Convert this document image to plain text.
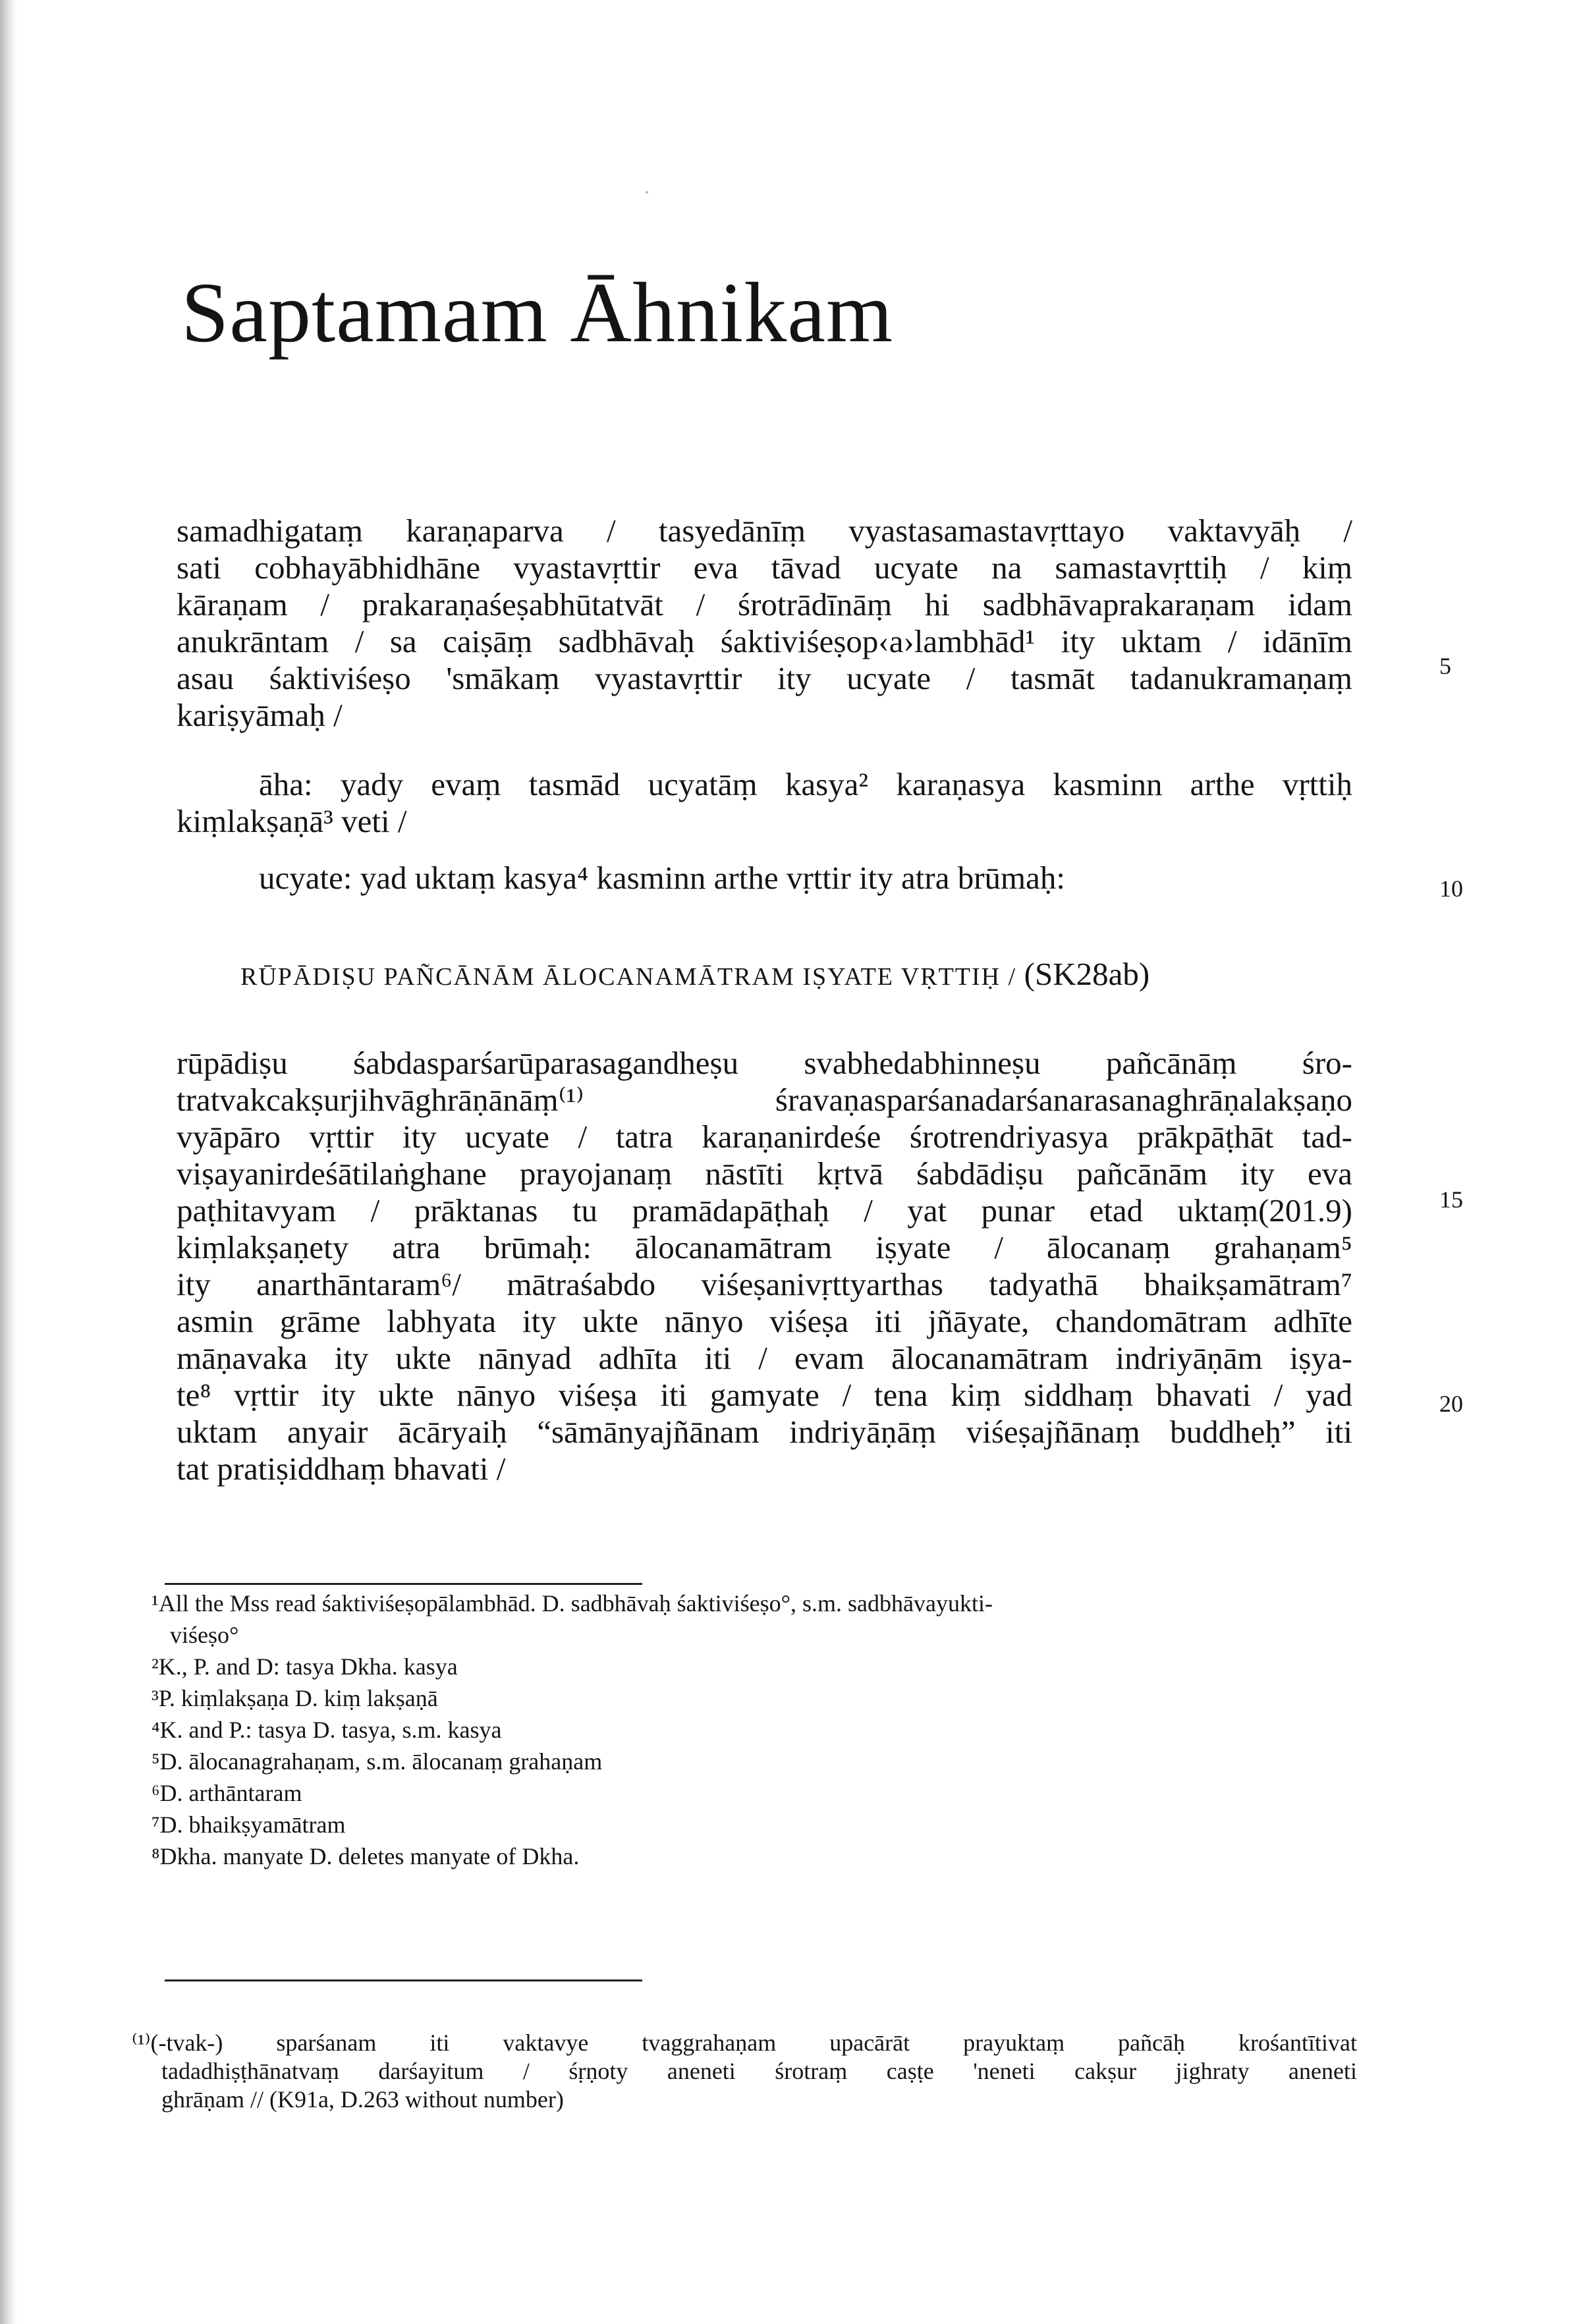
Saptamam Āhnikam
samadhigataṃ karaṇaparva / tasyedānīṃ vyastasamastavṛttayo vaktavyāḥ /
sati cobhayābhidhāne vyastavṛttir eva tāvad ucyate na samastavṛttiḥ / kiṃ
kāraṇam / prakaraṇaśeṣabhūtatvāt / śrotrādīnāṃ hi sadbhāvaprakaraṇam idam
anukrāntam / sa caiṣāṃ sadbhāvaḥ śaktiviśeṣop‹a›lambhād¹ ity uktam / idānīm
asau śaktiviśeṣo 'smākaṃ vyastavṛttir ity ucyate / tasmāt tadanukramaṇaṃ
kariṣyāmaḥ /
āha: yady evaṃ tasmād ucyatāṃ kasya² karaṇasya kasminn arthe vṛttiḥ
kiṃlakṣaṇā³ veti /
ucyate: yad uktaṃ kasya⁴ kasminn arthe vṛttir ity atra brūmaḥ:
RŪPĀDIṢU PAÑCĀNĀM ĀLOCANAMĀTRAM IṢYATE VṚTTIḤ / (SK28ab)
rūpādiṣu śabdasparśarūparasagandheṣu svabhedabhinneṣu pañcānāṃ śro-
tratvakcakṣurjihvāghrāṇānāṃ⁽¹⁾ śravaṇasparśanadarśanarasanaghrāṇalakṣaṇo
vyāpāro vṛttir ity ucyate / tatra karaṇanirdeśe śrotrendriyasya prākpāṭhāt tad-
viṣayanirdeśātilaṅghane prayojanaṃ nāstīti kṛtvā śabdādiṣu pañcānām ity eva
paṭhitavyam / prāktanas tu pramādapāṭhaḥ / yat punar etad uktaṃ(201.9)
kiṃlakṣaṇety atra brūmaḥ: ālocanamātram iṣyate / ālocanaṃ grahaṇam⁵
ity anarthāntaram⁶/ mātraśabdo viśeṣanivṛttyarthas tadyathā bhaikṣamātram⁷
asmin grāme labhyata ity ukte nānyo viśeṣa iti jñāyate, chandomātram adhīte
māṇavaka ity ukte nānyad adhīta iti / evam ālocanamātram indriyāṇām iṣya-
te⁸ vṛttir ity ukte nānyo viśeṣa iti gamyate / tena kiṃ siddhaṃ bhavati / yad
uktam anyair ācāryaiḥ “sāmānyajñānam indriyāṇāṃ viśeṣajñānaṃ buddheḥ” iti
tat pratiṣiddhaṃ bhavati /
5
10
15
20
¹All the Mss read śaktiviśeṣopālambhād. D. sadbhāvaḥ śaktiviśeṣo°, s.m. sadbhāvayukti-
viśeṣo°
²K., P. and D: tasya Dkha. kasya
³P. kiṃlakṣaṇa D. kiṃ lakṣaṇā
⁴K. and P.: tasya D. tasya, s.m. kasya
⁵D. ālocanagrahaṇam, s.m. ālocanaṃ grahaṇam
⁶D. arthāntaram
⁷D. bhaikṣyamātram
⁸Dkha. manyate D. deletes manyate of Dkha.
⁽¹⁾(-tvak-) sparśanam iti vaktavye tvaggrahaṇam upacārāt prayuktaṃ pañcāḥ krośantītivat
tadadhiṣṭhānatvaṃ darśayitum / śṛṇoty aneneti śrotraṃ caṣṭe 'neneti cakṣur jighraty aneneti
ghrāṇam // (K91a, D.263 without number)
